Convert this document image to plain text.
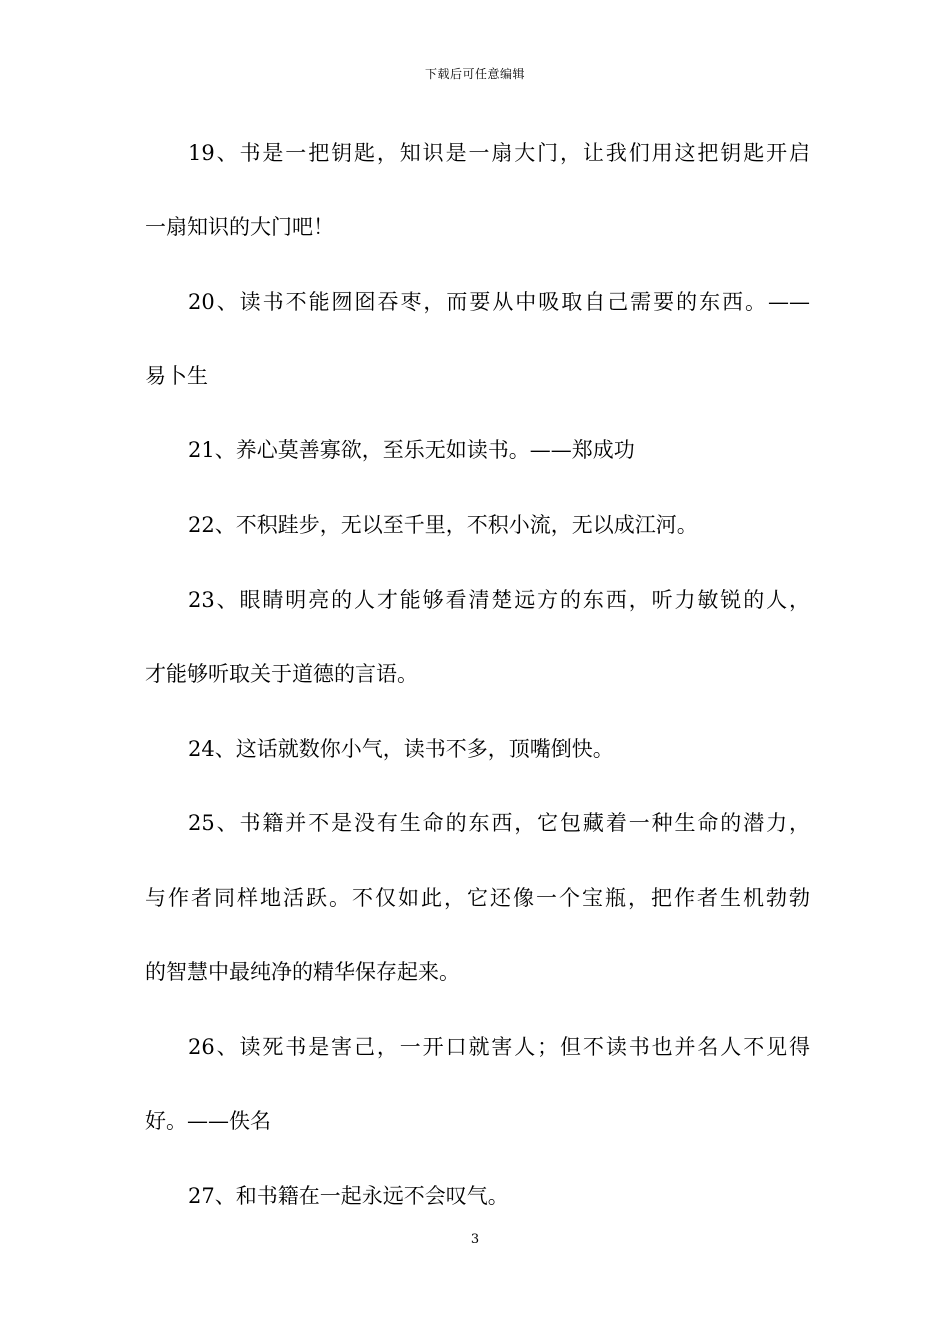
下载后可任意编辑
19、书是一把钥匙，知识是一扇大门，让我们用这把钥匙开启
一扇知识的大门吧！
20、读书不能囫囵吞枣，而要从中吸取自己需要的东西。——
易卜生
21、养心莫善寡欲，至乐无如读书。——郑成功
22、不积跬步，无以至千里，不积小流，无以成江河。
23、眼睛明亮的人才能够看清楚远方的东西，听力敏锐的人，
才能够听取关于道德的言语。
24、这话就数你小气，读书不多，顶嘴倒快。
25、书籍并不是没有生命的东西，它包藏着一种生命的潜力，
与作者同样地活跃。不仅如此，它还像一个宝瓶，把作者生机勃勃
的智慧中最纯净的精华保存起来。
26、读死书是害己，一开口就害人；但不读书也并名人不见得
好。——佚名
27、和书籍在一起永远不会叹气。
3
